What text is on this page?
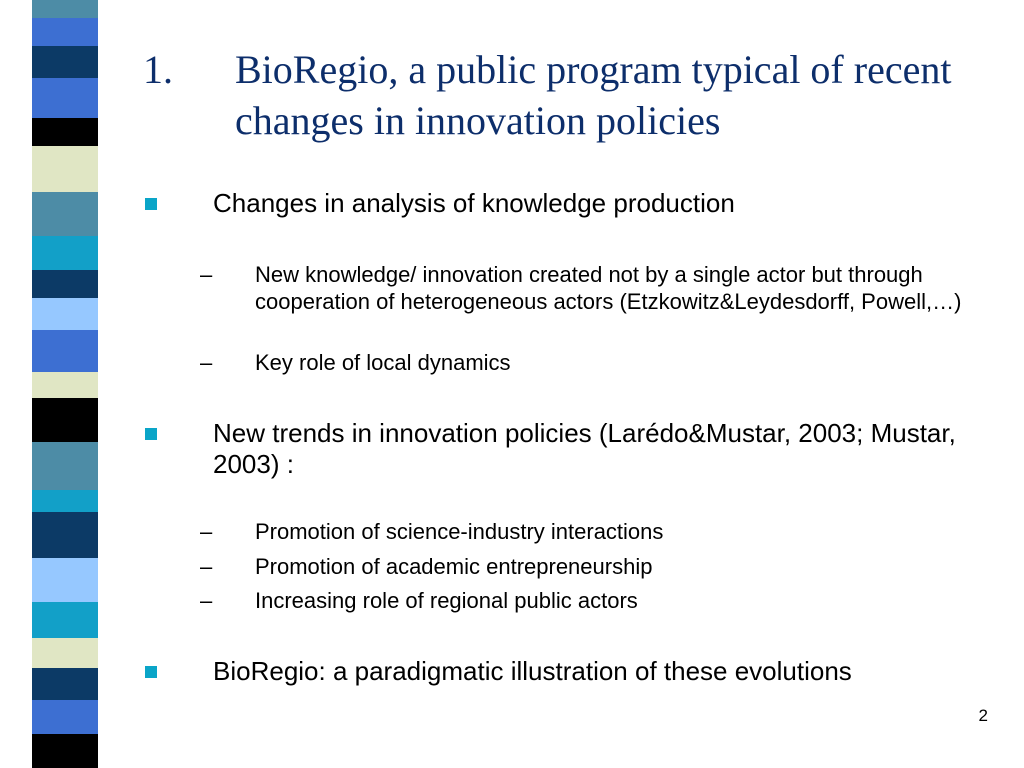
1. BioRegio, a public program typical of recent changes in innovation policies
Changes in analysis of knowledge production
– New knowledge/ innovation created not by a single actor but through cooperation of heterogeneous actors (Etzkowitz&Leydesdorff, Powell,…)
– Key role of local dynamics
New trends in innovation policies (Larédo&Mustar, 2003; Mustar, 2003) :
– Promotion of science-industry interactions
– Promotion of academic entrepreneurship
– Increasing role of regional public actors
BioRegio: a paradigmatic illustration of these evolutions
2
